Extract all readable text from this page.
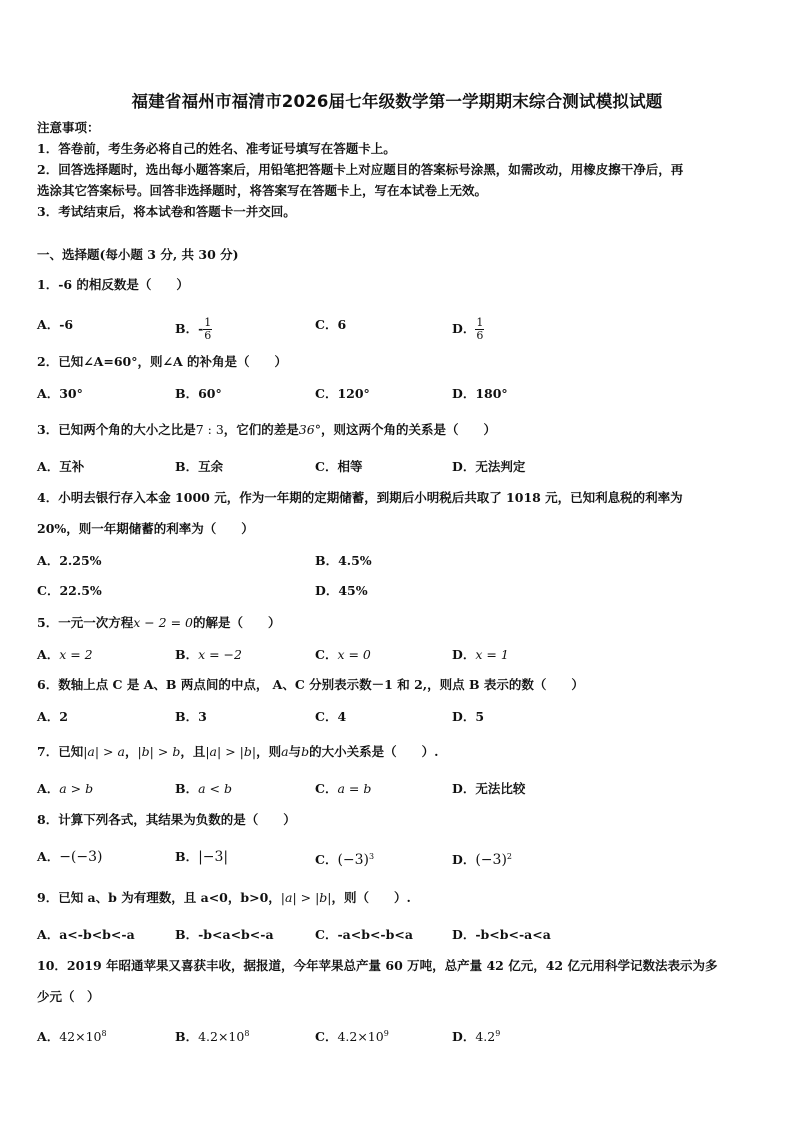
福建省福州市福清市2026届七年级数学第一学期期末综合测试模拟试题
注意事项：
1．答卷前，考生务必将自己的姓名、准考证号填写在答题卡上。
2．回答选择题时，选出每小题答案后，用铅笔把答题卡上对应题目的答案标号涂黑，如需改动，用橡皮擦干净后，再
选涂其它答案标号。回答非选择题时，将答案写在答题卡上，写在本试卷上无效。
3．考试结束后，将本试卷和答题卡一并交回。
一、选择题(每小题 3 分, 共 30 分)
1．-6 的相反数是（　　）
A．-6	B．- $\frac{1}{6}$	C．6	D． $\frac{1}{6}$
2．已知∠A=60°，则∠A 的补角是（　　）
A．30°	B．60°	C．120°	D．180°
3．已知两个角的大小之比是7 : 3，它们的差是36°，则这两个角的关系是（　　）
A．互补	B．互余	C．相等	D．无法判定
4．小明去银行存入本金 1000 元，作为一年期的定期储蓄，到期后小明税后共取了 1018 元，已知利息税的利率为
20%，则一年期储蓄的利率为（　　）
A．2.25%	B．4.5%
C．22.5%	D．45%
5．一元一次方程x − 2 = 0的解是（　　）
A．x = 2	B．x = −2	C．x = 0	D．x = 1
6．数轴上点 C 是 A、B 两点间的中点， A、C 分别表示数－1 和 2,，则点 B 表示的数（　　）
A．2	B．3	C．4	D．5
7．已知|a| > a，|b| > b，且|a| > |b|，则a与b的大小关系是（　　）.
A．a > b	B．a < b	C．a = b	D．无法比较
8．计算下列各式，其结果为负数的是（　　）
A．−(−3)	B．|−3|	C．$(-3)^3$	D．$(-3)^2$
9．已知 a、b 为有理数，且 a<0，b>0，|a| > |b|，则（　　）.
A．a<-b<b<-a	B．-b<a<b<-a	C．-a<b<-b<a	D．-b<b<-a<a
10．2019 年昭通苹果又喜获丰收，据报道，今年苹果总产量 60 万吨，总产量 42 亿元，42 亿元用科学记数法表示为多
少元（　）
A．$42\times 10^8$	B．$4.2\times 10^8$	C．$4.2\times 10^9$	D．$4.2^9$
